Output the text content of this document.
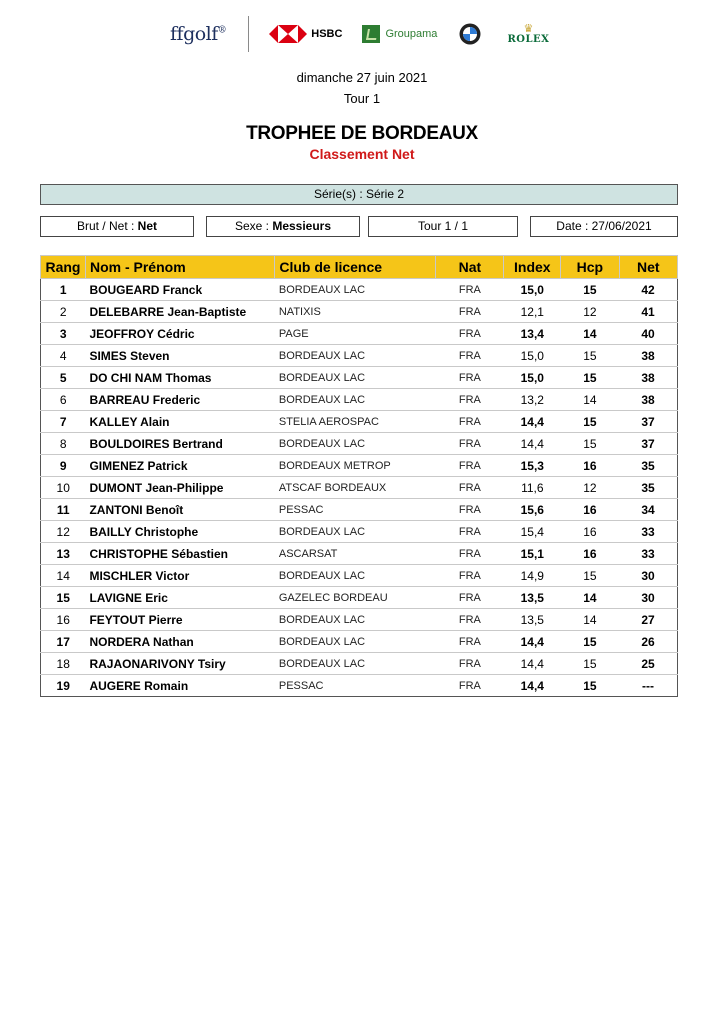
ffgolf®	HSBC	Groupama	♛
ROLEX
dimanche 27 juin 2021
Tour 1
TROPHEE DE BORDEAUX
Classement Net
Série(s) : Série 2
Brut / Net : Net	Sexe : Messieurs	Tour 1 / 1	Date : 27/06/2021
Rang	Nom - Prénom	Club de licence	Nat	Index	Hcp	Net
1	BOUGEARD Franck	BORDEAUX LAC	FRA	15,0	15	42
2	DELEBARRE Jean-Baptiste	NATIXIS	FRA	12,1	12	41
3	JEOFFROY Cédric	PAGE	FRA	13,4	14	40
4	SIMES Steven	BORDEAUX LAC	FRA	15,0	15	38
5	DO CHI NAM Thomas	BORDEAUX LAC	FRA	15,0	15	38
6	BARREAU Frederic	BORDEAUX LAC	FRA	13,2	14	38
7	KALLEY Alain	STELIA AEROSPAC	FRA	14,4	15	37
8	BOULDOIRES Bertrand	BORDEAUX LAC	FRA	14,4	15	37
9	GIMENEZ Patrick	BORDEAUX METROP	FRA	15,3	16	35
10	DUMONT Jean-Philippe	ATSCAF BORDEAUX	FRA	11,6	12	35
11	ZANTONI Benoît	PESSAC	FRA	15,6	16	34
12	BAILLY Christophe	BORDEAUX LAC	FRA	15,4	16	33
13	CHRISTOPHE Sébastien	ASCARSAT	FRA	15,1	16	33
14	MISCHLER Victor	BORDEAUX LAC	FRA	14,9	15	30
15	LAVIGNE Eric	GAZELEC BORDEAU	FRA	13,5	14	30
16	FEYTOUT Pierre	BORDEAUX LAC	FRA	13,5	14	27
17	NORDERA Nathan	BORDEAUX LAC	FRA	14,4	15	26
18	RAJAONARIVONY Tsiry	BORDEAUX LAC	FRA	14,4	15	25
19	AUGERE Romain	PESSAC	FRA	14,4	15	---
